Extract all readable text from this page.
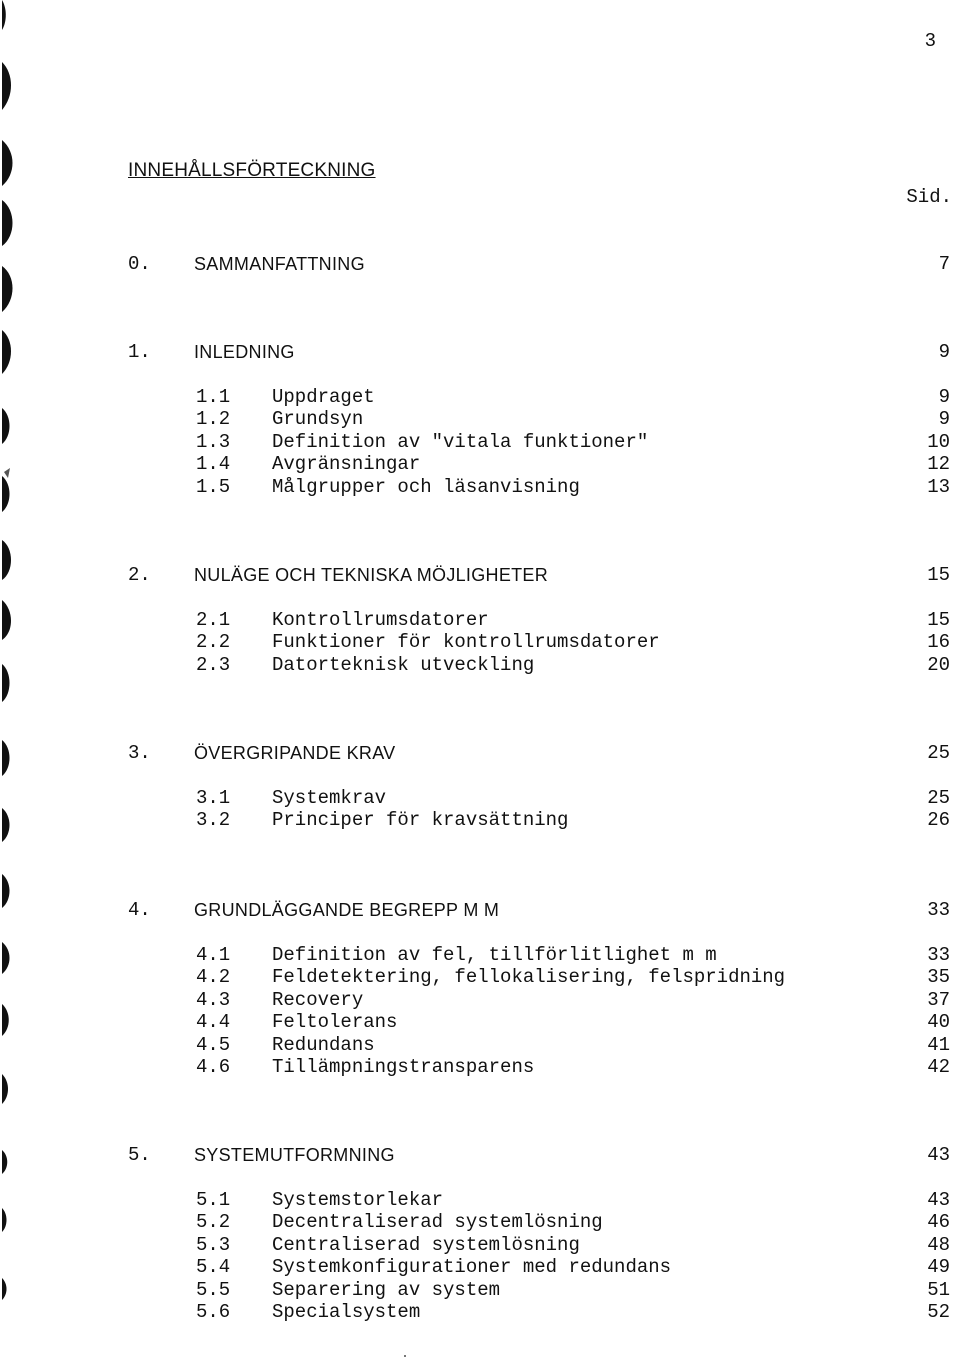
3
INNEHÅLLSFÖRTECKNING
Sid.
0. SAMMANFATTNING	7
1. INLEDNING	9
1.1 Uppdraget	9
1.2 Grundsyn	9
1.3 Definition av "vitala funktioner"	10
1.4 Avgränsningar	12
1.5 Målgrupper och läsanvisning	13
2. NULÄGE OCH TEKNISKA MÖJLIGHETER	15
2.1 Kontrollrumsdatorer	15
2.2 Funktioner för kontrollrumsdatorer	16
2.3 Datorteknisk utveckling	20
3. ÖVERGRIPANDE KRAV	25
3.1 Systemkrav	25
3.2 Principer för kravsättning	26
4. GRUNDLÄGGANDE BEGREPP M M	33
4.1 Definition av fel, tillförlitlighet m m	33
4.2 Feldetektering, fellokalisering, felspridning	35
4.3 Recovery	37
4.4 Feltolerans	40
4.5 Redundans	41
4.6 Tillämpningstransparens	42
5. SYSTEMUTFORMNING	43
5.1 Systemstorlekar	43
5.2 Decentraliserad systemlösning	46
5.3 Centraliserad systemlösning	48
5.4 Systemkonfigurationer med redundans	49
5.5 Separering av system	51
5.6 Specialsystem	52
